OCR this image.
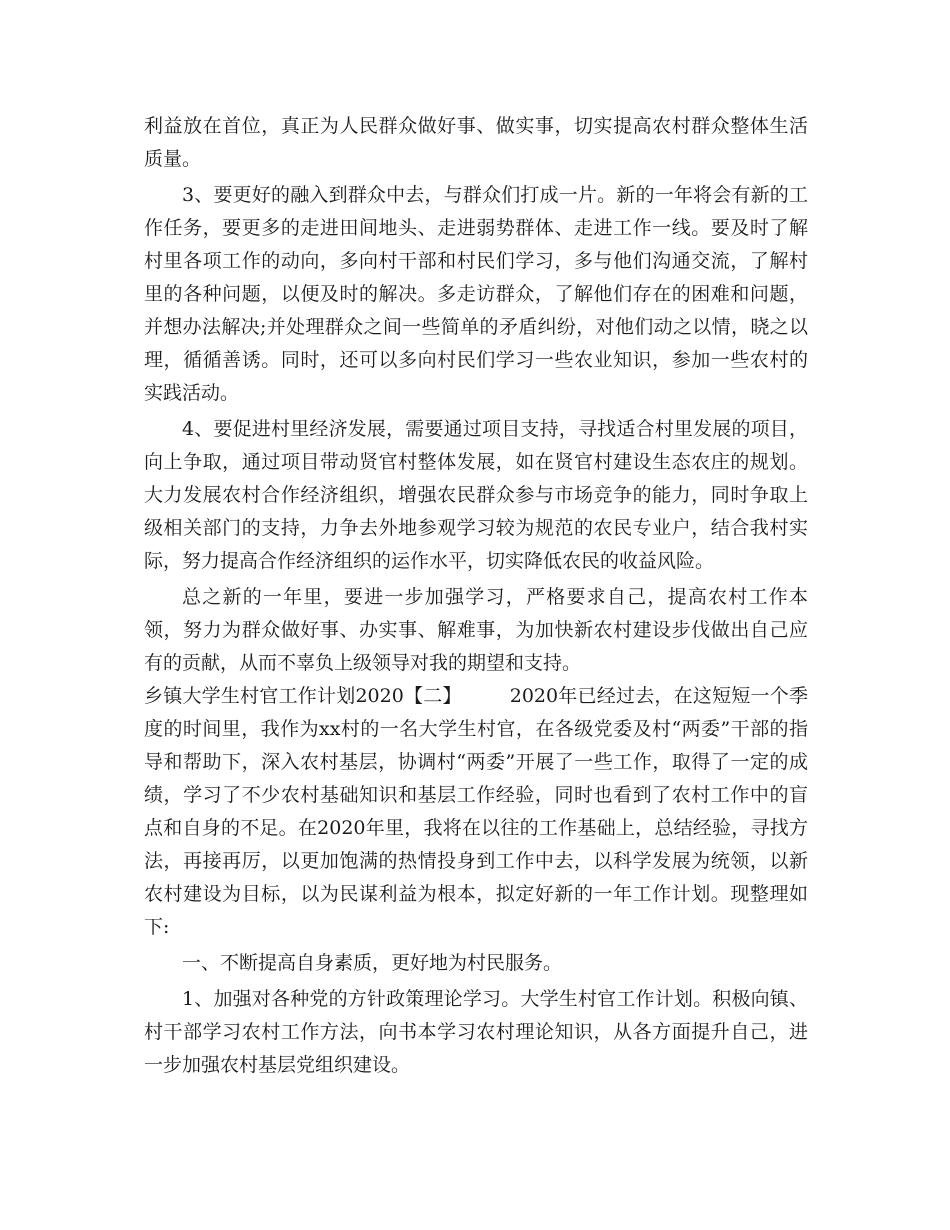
利益放在首位，真正为人民群众做好事、做实事，切实提高农村群众整体生活质量。

3、要更好的融入到群众中去，与群众们打成一片。新的一年将会有新的工作任务，要更多的走进田间地头、走进弱势群体、走进工作一线。要及时了解村里各项工作的动向，多向村干部和村民们学习，多与他们沟通交流，了解村里的各种问题，以便及时的解决。多走访群众，了解他们存在的困难和问题，并想办法解决;并处理群众之间一些简单的矛盾纠纷，对他们动之以情，晓之以理，循循善诱。同时，还可以多向村民们学习一些农业知识，参加一些农村的实践活动。

4、要促进村里经济发展，需要通过项目支持，寻找适合村里发展的项目，向上争取，通过项目带动贤官村整体发展，如在贤官村建设生态农庄的规划。大力发展农村合作经济组织，增强农民群众参与市场竞争的能力，同时争取上级相关部门的支持，力争去外地参观学习较为规范的农民专业户，结合我村实际，努力提高合作经济组织的运作水平，切实降低农民的收益风险。

总之新的一年里，要进一步加强学习，严格要求自己，提高农村工作本领，努力为群众做好事、办实事、解难事，为加快新农村建设步伐做出自己应有的贡献，从而不辜负上级领导对我的期望和支持。

乡镇大学生村官工作计划2020【二】	2020年已经过去，在这短短一个季度的时间里，我作为xx村的一名大学生村官，在各级党委及村“两委”干部的指导和帮助下，深入农村基层，协调村“两委”开展了一些工作，取得了一定的成绩，学习了不少农村基础知识和基层工作经验，同时也看到了农村工作中的盲点和自身的不足。在2020年里，我将在以往的工作基础上，总结经验，寻找方法，再接再厉，以更加饱满的热情投身到工作中去，以科学发展为统领，以新农村建设为目标，以为民谋利益为根本，拟定好新的一年工作计划。现整理如下:

一、不断提高自身素质，更好地为村民服务。

1、加强对各种党的方针政策理论学习。大学生村官工作计划。积极向镇、村干部学习农村工作方法，向书本学习农村理论知识，从各方面提升自己，进一步加强农村基层党组织建设。
